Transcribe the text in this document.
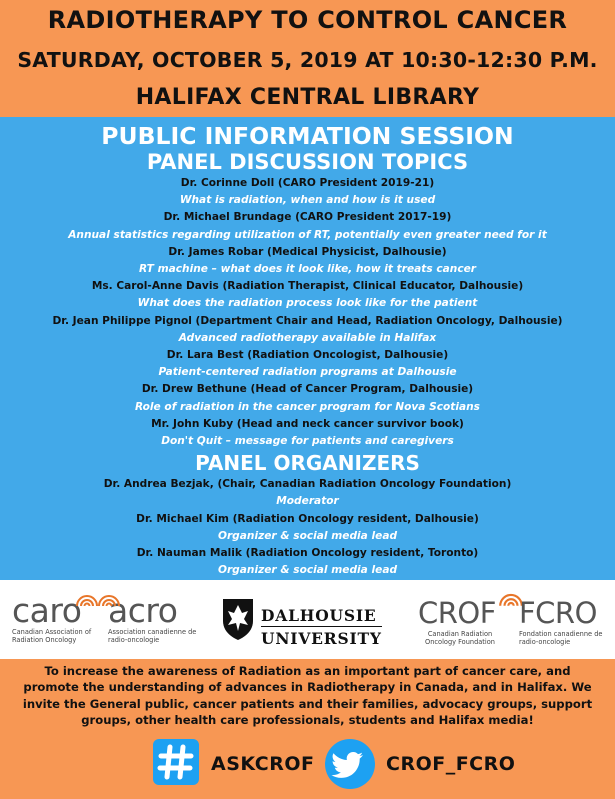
RADIOTHERAPY TO CONTROL CANCER
SATURDAY, OCTOBER 5, 2019 AT 10:30-12:30 P.M.
HALIFAX CENTRAL LIBRARY
PUBLIC INFORMATION SESSION
PANEL DISCUSSION TOPICS
Dr. Corinne Doll (CARO President 2019-21)
What is radiation, when and how is it used
Dr. Michael Brundage (CARO President 2017-19)
Annual statistics regarding utilization of RT, potentially even greater need for it
Dr. James Robar (Medical Physicist, Dalhousie)
RT machine – what does it look like, how it treats cancer
Ms. Carol-Anne Davis (Radiation Therapist, Clinical Educator, Dalhousie)
What does the radiation process look like for the patient
Dr. Jean Philippe Pignol (Department Chair and Head, Radiation Oncology, Dalhousie)
Advanced radiotherapy available in Halifax
Dr. Lara Best (Radiation Oncologist, Dalhousie)
Patient-centered radiation programs at Dalhousie
Dr. Drew Bethune (Head of Cancer Program, Dalhousie)
Role of radiation in the cancer program for Nova Scotians
Mr. John Kuby (Head and neck cancer survivor book)
Don't Quit – message for patients and caregivers
PANEL ORGANIZERS
Dr. Andrea Bezjak, (Chair, Canadian Radiation Oncology Foundation)
Moderator
Dr. Michael Kim (Radiation Oncology resident, Dalhousie)
Organizer & social media lead
Dr. Nauman Malik (Radiation Oncology resident, Toronto)
Organizer & social media lead
caro
Canadian Association of Radiation Oncology
acro
Association canadienne de radio-oncologie
CROF
Canadian Radiation Oncology Foundation
FCRO
Fondation canadienne de radio-oncologie
DALHOUSIE
UNIVERSITY
To increase the awareness of Radiation as an important part of cancer care, and promote the understanding of advances in Radiotherapy in Canada, and in Halifax. We invite the General public, cancer patients and their families, advocacy groups, support groups, other health care professionals, students and Halifax media!
ASKCROF	CROF_FCRO
